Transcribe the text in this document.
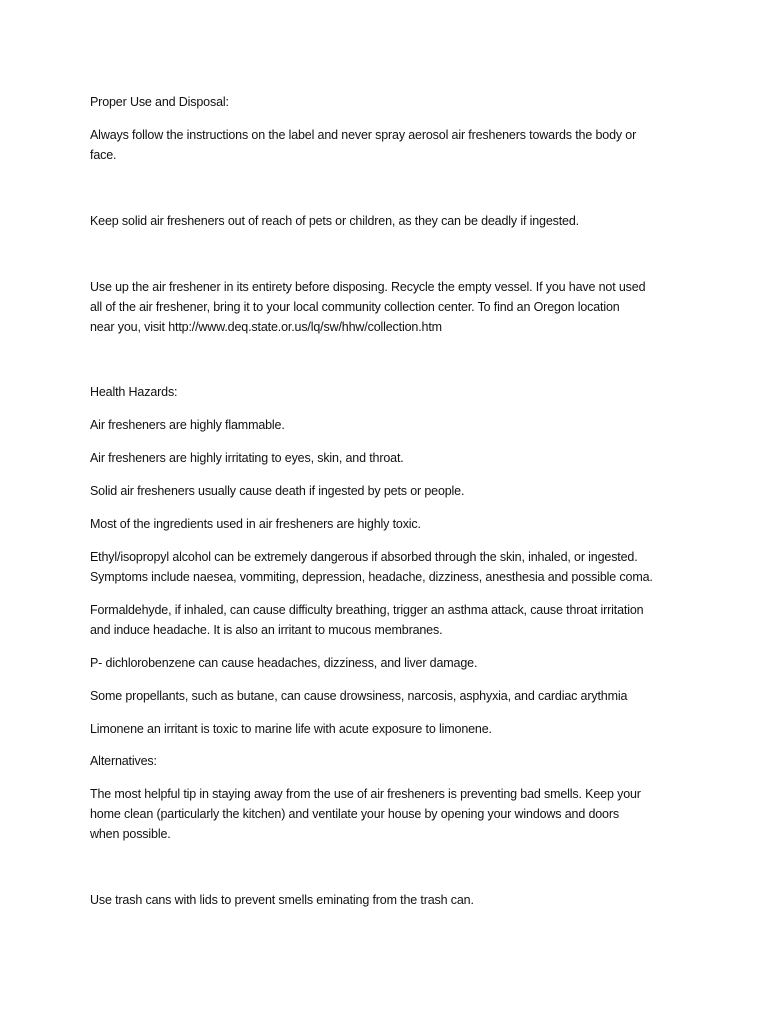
Proper Use and Disposal:

Always follow the instructions on the label and never spray aerosol air fresheners towards the body or

face.

Keep solid air fresheners out of reach of pets or children, as they can be deadly if ingested.

Use up the air freshener in its entirety before disposing. Recycle the empty vessel. If you have not used

all of the air freshener, bring it to your local community collection center. To find an Oregon location

near you, visit http://www.deq.state.or.us/lq/sw/hhw/collection.htm

Health Hazards:

Air fresheners are highly flammable.

Air fresheners are highly irritating to eyes, skin, and throat.

Solid air fresheners usually cause death if ingested by pets or people.

Most of the ingredients used in air fresheners are highly toxic.

Ethyl/isopropyl alcohol can be extremely dangerous if absorbed through the skin, inhaled, or ingested.

Symptoms include naesea, vommiting, depression, headache, dizziness, anesthesia and possible coma.

Formaldehyde, if inhaled, can cause difficulty breathing, trigger an asthma attack, cause throat irritation

and induce headache. It is also an irritant to mucous membranes.

P- dichlorobenzene can cause headaches, dizziness, and liver damage.

Some propellants, such as butane, can cause drowsiness, narcosis, asphyxia, and cardiac arythmia

Limonene an irritant is toxic to marine life with acute exposure to limonene.

Alternatives:

The most helpful tip in staying away from the use of air fresheners is preventing bad smells. Keep your

home clean (particularly the kitchen) and ventilate your house by opening your windows and doors

when possible.

Use trash cans with lids to prevent smells eminating from the trash can.
